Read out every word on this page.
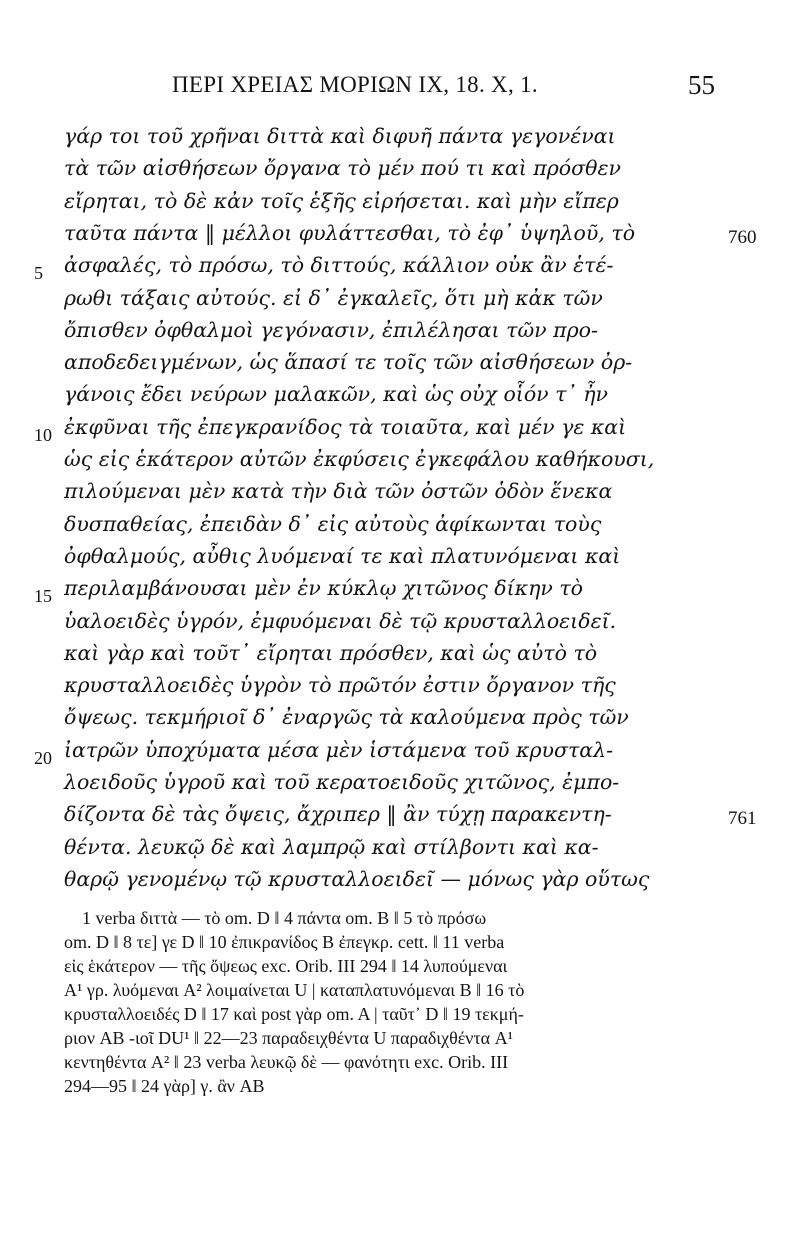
ΠΕΡΙ ΧΡΕΙΑΣ ΜΟΡΙΩΝ IX, 18. X, 1.	55
γάρ τοι τοῦ χρῆναι διττὰ καὶ διφυῆ πάντα γεγονέναι
τὰ τῶν αἰσθήσεων ὄργανα τὸ μέν πού τι καὶ πρόσθεν
εἴρηται, τὸ δὲ κἀν τοῖς ἑξῆς εἰρήσεται. καὶ μὴν εἴπερ
ταῦτα πάντα ‖ μέλλοι φυλάττεσθαι, τὸ ἐφ᾽ ὑψηλοῦ, τὸ	760
5	ἀσφαλές, τὸ πρόσω, τὸ διττούς, κάλλιον οὐκ ἂν ἑτέ-
ρωθι τάξαις αὐτούς. εἰ δ᾽ ἐγκαλεῖς, ὅτι μὴ κἀκ τῶν
ὄπισθεν ὀφθαλμοὶ γεγόνασιν, ἐπιλέλησαι τῶν προ-
αποδεδειγμένων, ὡς ἅπασί τε τοῖς τῶν αἰσθήσεων ὀρ-
γάνοις ἔδει νεύρων μαλακῶν, καὶ ὡς οὐχ οἷόν τ᾽ ἦν
10 ἐκφῦναι τῆς ἐπεγκρανίδος τὰ τοιαῦτα, καὶ μέν γε καὶ
ὡς εἰς ἑκάτερον αὐτῶν ἐκφύσεις ἐγκεφάλου καθήκουσι,
πιλούμεναι μὲν κατὰ τὴν διὰ τῶν ὀστῶν ὁδὸν ἕνεκα
δυσπαθείας, ἐπειδὰν δ᾽ εἰς αὐτοὺς ἀφίκωνται τοὺς
ὀφθαλμούς, αὖθις λυόμεναί τε καὶ πλατυνόμεναι καὶ
15 περιλαμβάνουσαι μὲν ἐν κύκλῳ χιτῶνος δίκην τὸ
ὑαλοειδὲς ὑγρόν, ἐμφυόμεναι δὲ τῷ κρυσταλλοειδεῖ.
καὶ γὰρ καὶ τοῦτ᾽ εἴρηται πρόσθεν, καὶ ὡς αὐτὸ τὸ
κρυσταλλοειδὲς ὑγρὸν τὸ πρῶτόν ἐστιν ὄργανον τῆς
ὄψεως. τεκμήριοῖ δ᾽ ἐναργῶς τὰ καλούμενα πρὸς τῶν
20 ἰατρῶν ὑποχύματα μέσα μὲν ἱστάμενα τοῦ κρυσταλ-
λοειδοῦς ὑγροῦ καὶ τοῦ κερατοειδοῦς χιτῶνος, ἐμπο-
δίζοντα δὲ τὰς ὄψεις, ἄχριπερ ‖ ἂν τύχῃ παρακεντη-	761
θέντα. λευκῷ δὲ καὶ λαμπρῷ καὶ στίλβοντι καὶ κα-
θαρῷ γενομένῳ τῷ κρυσταλλοειδεῖ — μόνως γὰρ οὕτως
1 verba διττὰ — τὸ om. D ‖ 4 πάντα om. B ‖ 5 τὸ πρόσω
om. D ‖ 8 τε] γε D ‖ 10 ἐπικρανίδος B ἐπεγκρ. cett. ‖ 11 verba
εἰς ἑκάτερον — τῆς ὄψεως exc. Orib. III 294 ‖ 14 λυπούμεναι
A¹ γρ. λυόμεναι A² λοιμαίνεται U | καταπλατυνόμεναι B ‖ 16 τὸ
κρυσταλλοειδές D ‖ 17 καὶ post γὰρ om. A | ταῦτ᾽ D ‖ 19 τεκμή-
ριον AB -ιοῖ DU¹ ‖ 22—23 παραδειχθέντα U παραδιχθέντα A¹
κεντηθέντα A² ‖ 23 verba λευκῷ δὲ — φανότητι exc. Orib. III
294—95 ‖ 24 γὰρ] γ. ἂν AB
